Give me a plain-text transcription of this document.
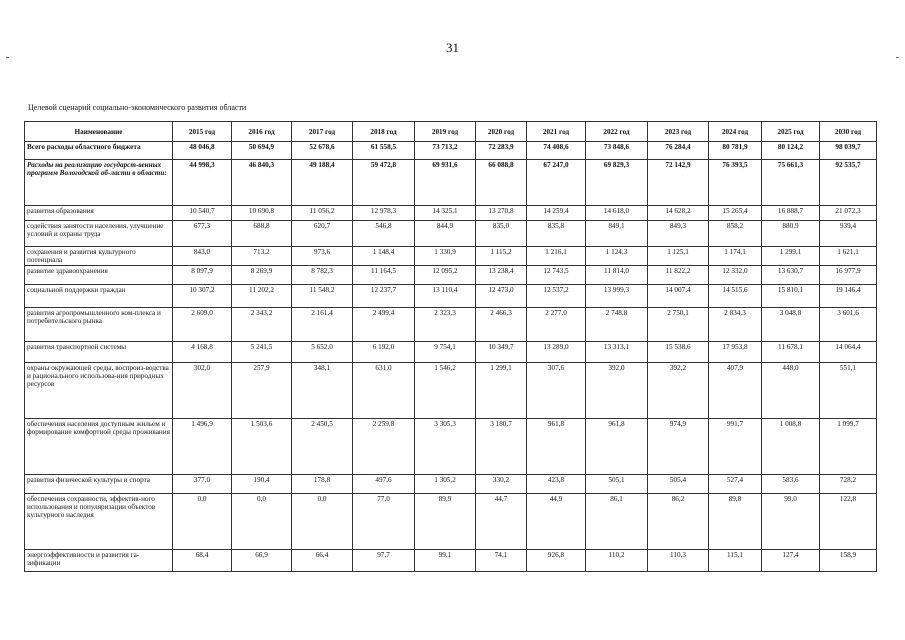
31
Целевой сценарий социально-экономического развития области
Наименование	2015 год	2016 год	2017 год	2018 год	2019 год	2020 год	2021 год	2022 год	2023 год	2024 год	2025 год	2030 год
Всего расходы областного бюджета	48 046,8	50 694,9	52 678,6	61 558,5	73 713,2	72 283,9	74 408,6	73 848,6	76 284,4	80 781,9	80 124,2	98 039,7
Расходы на реализацию государст-венных программ Вологодской об-ласти в области:	44 998,3	46 840,3	49 188,4	59 472,8	69 931,6	66 088,8	67 247,0	69 829,3	72 142,9	76 393,5	75 661,3	92 535,7
развития образования	10 540,7	10 690,8	11 056,2	12 978,3	14 325,1	13 270,8	14 259,4	14 618,0	14 628,2	15 265,4	16 888,7	21 072,3
содействия занятости населения, улучшение условий и охраны труда	677,3	688,8	620,7	546,8	844,9	835,0	835,8	849,1	849,3	858,2	880,9	939,4
сохранения и развития культурного потенциала	843,0	713,2	973,6	1 148,4	1 330,9	1 115,2	1 216,1	1 124,3	1 125,1	1 174,1	1 299,1	1 621,1
развитие здравоохранения	8 097,9	8 269,9	8 782,3	11 164,5	12 095,2	13 238,4	12 743,5	11 814,0	11 822,2	12 332,0	13 630,7	16 977,9
социальной поддержки граждан	10 307,2	11 202,2	11 548,2	12 237,7	13 110,4	12 473,0	12 537,2	13 999,3	14 007,4	14 515,6	15 810,1	19 146,4
развития агропромышленного ком-плекса и потребительского рынка	2 609,0	2 343,2	2 161,4	2 499,4	2 323,3	2 466,3	2 277,0	2 748,8	2 750,1	2 834,3	3 048,8	3 601,6
развития транспортной системы	4 168,8	5 241,5	5 652,0	6 192,0	9 754,1	10 349,7	13 289,0	13 313,1	15 538,6	17 953,8	11 678,1	14 064,4
охраны окружающей среды, воспроиз-водства и рационального использова-ния природных ресурсов	302,0	257,9	348,1	631,0	1 546,2	1 299,1	307,6	392,0	392,2	407,9	448,0	551,1
обеспечения населения доступным жильем и формирование комфортной среды проживания	1 496,9	1 503,6	2 450,5	2 259,8	3 305,3	3 180,7	961,8	961,8	974,9	991,7	1 008,8	1 099,7
развития физической культуры и спорта	377,0	190,4	178,8	497,6	1 305,2	330,2	423,8	505,1	505,4	527,4	583,6	728,2
обеспечения сохранности, эффектив-ного использования и популяризации объектов культурного наследия	0,0	0,0	0,0	77,0	89,9	44,7	44,9	86,1	86,2	89,8	99,0	122,8
энергоэффективности и развития га-зификации	68,4	66,9	66,4	97,7	99,1	74,1	926,8	110,2	110,3	115,1	127,4	158,9
